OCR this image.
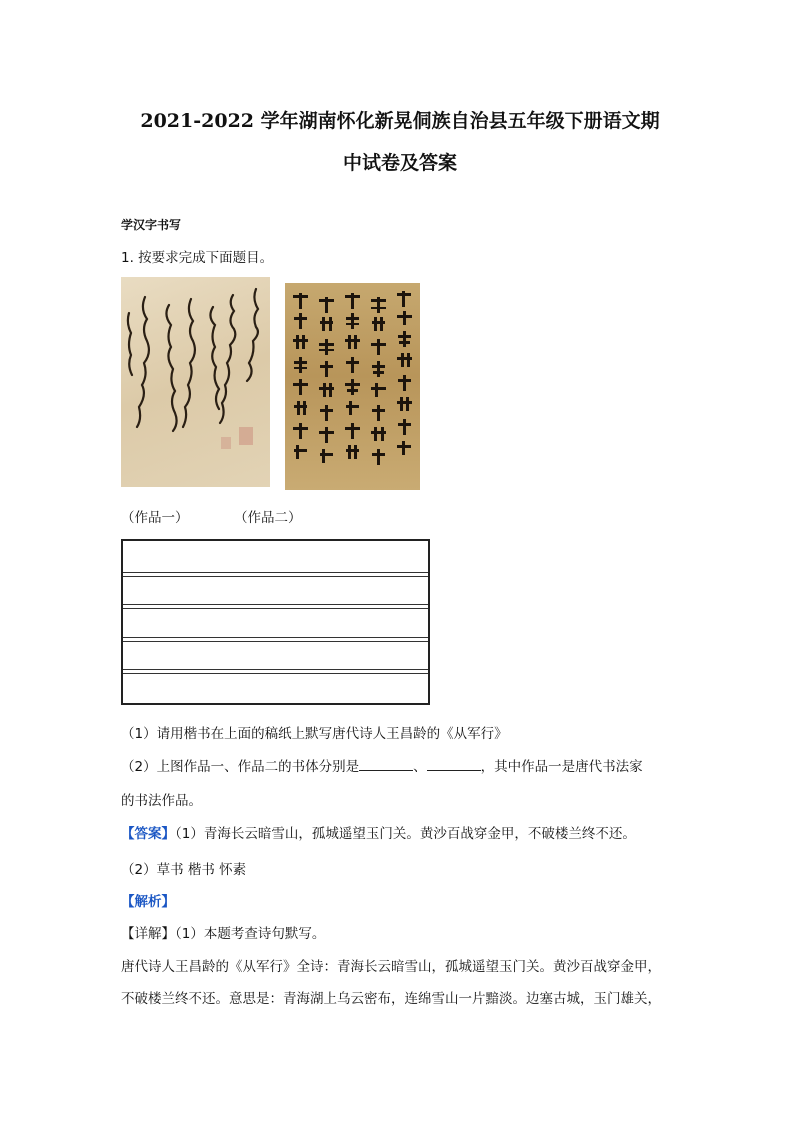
2021-2022 学年湖南怀化新晃侗族自治县五年级下册语文期
中试卷及答案
学汉字书写
1. 按要求完成下面题目。
（作品一）	（作品二）
（1）请用楷书在上面的稿纸上默写唐代诗人王昌龄的《从军行》
（2）上图作品一、作品二的书体分别是	、	，其中作品一是唐代书法家
的书法作品。
【答案】（1）青海长云暗雪山，孤城遥望玉门关。黄沙百战穿金甲，不破楼兰终不还。
（2）草书 楷书 怀素
【解析】
【详解】（1）本题考查诗句默写。
唐代诗人王昌龄的《从军行》全诗：青海长云暗雪山，孤城遥望玉门关。黄沙百战穿金甲，
不破楼兰终不还。意思是：青海湖上乌云密布，连绵雪山一片黯淡。边塞古城，玉门雄关，
